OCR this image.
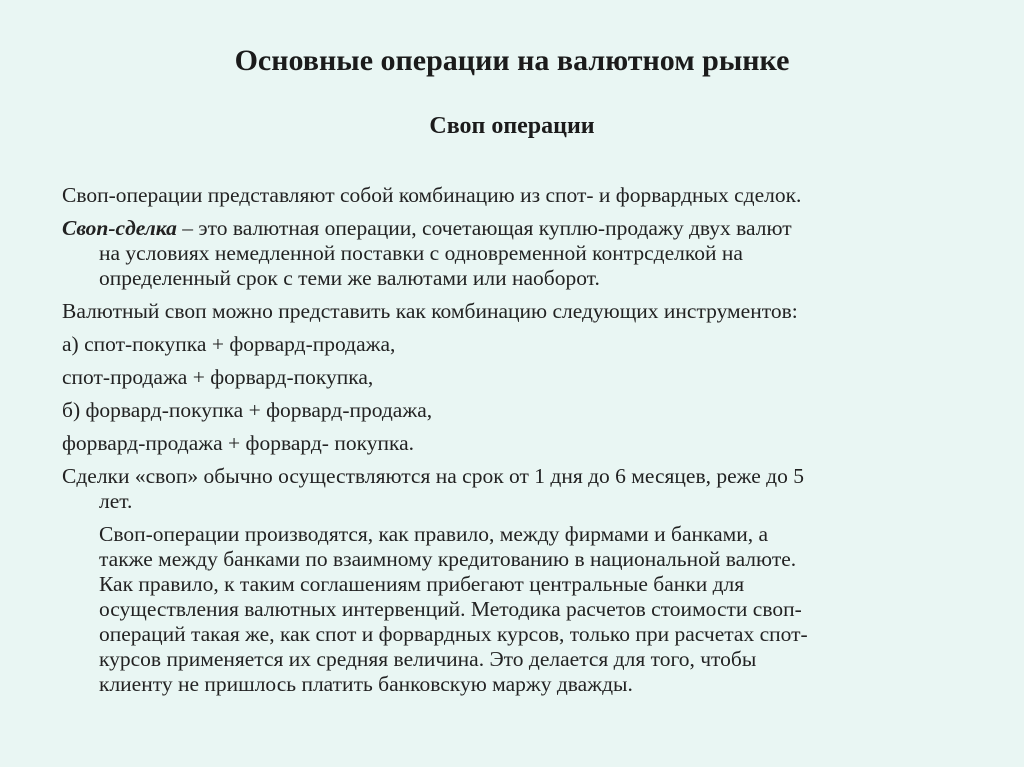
Основные операции на валютном рынке
Своп операции
Своп-операции представляют собой комбинацию из спот- и форвардных сделок.
Своп-сделка – это валютная операции, сочетающая куплю-продажу двух валют
на условиях немедленной поставки с одновременной контрсделкой на
определенный срок с теми же валютами или наоборот.
Валютный своп можно представить как комбинацию следующих инструментов:
а) спот-покупка + форвард-продажа,
спот-продажа + форвард-покупка,
б) форвард-покупка + форвард-продажа,
форвард-продажа + форвард- покупка.
Сделки «своп» обычно осуществляются на срок от 1 дня до 6 месяцев, реже до 5
лет.
Своп-операции производятся, как правило, между фирмами и банками, а
также между банками по взаимному кредитованию в национальной валюте.
Как правило, к таким соглашениям прибегают центральные банки для
осуществления валютных интервенций. Методика расчетов стоимости своп-
операций такая же, как спот и форвардных курсов, только при расчетах спот-
курсов применяется их средняя величина. Это делается для того, чтобы
клиенту не пришлось платить банковскую маржу дважды.
